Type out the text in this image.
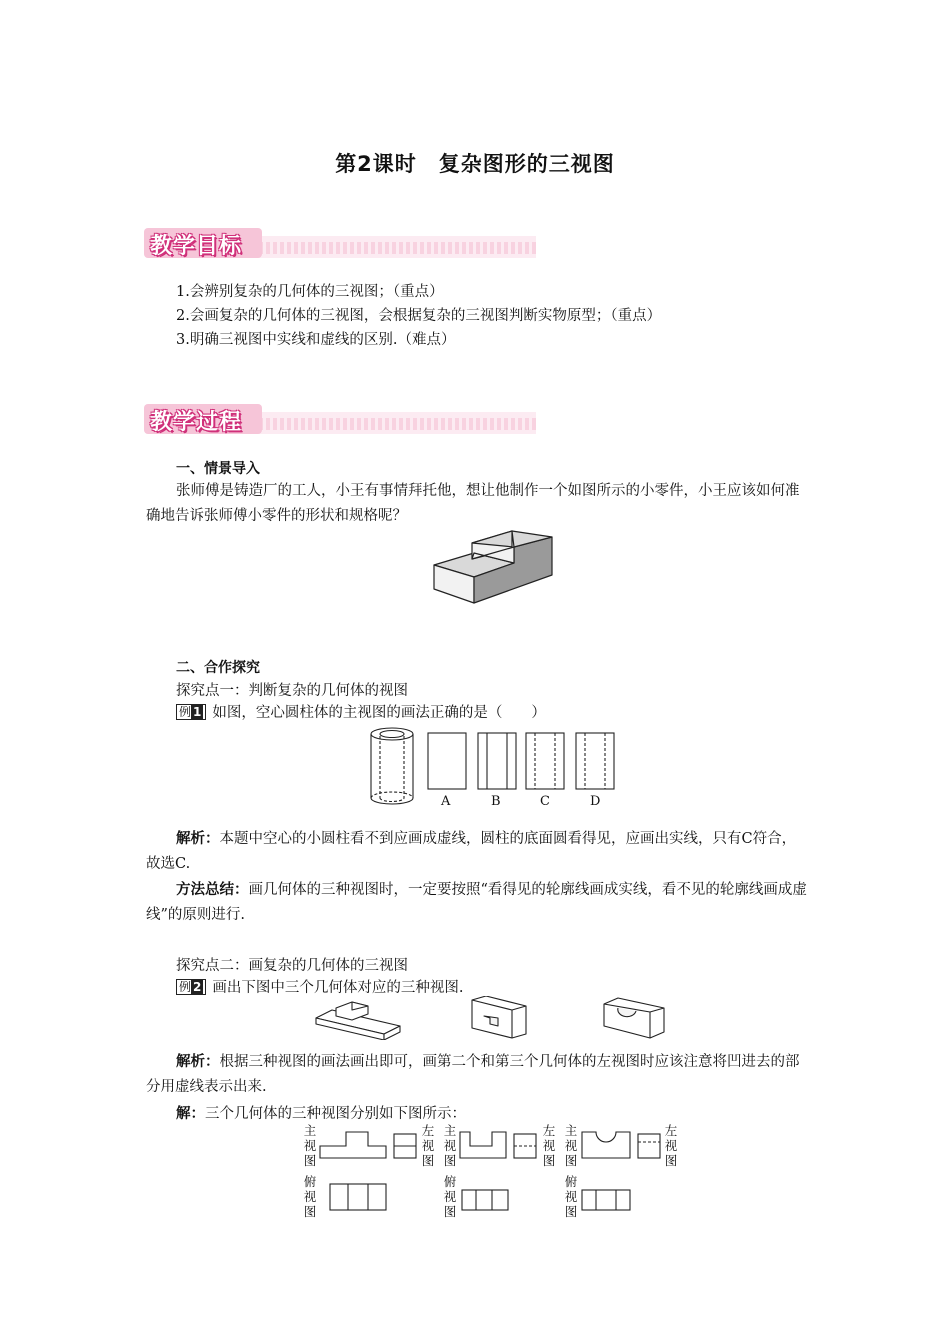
第2课时　复杂图形的三视图
教学目标
1.会辨别复杂的几何体的三视图；（重点）
2.会画复杂的几何体的三视图，会根据复杂的三视图判断实物原型；（重点）
3.明确三视图中实线和虚线的区别.（难点）
教学过程
一、情景导入
张师傅是铸造厂的工人，小王有事情拜托他，想让他制作一个如图所示的小零件，小王应该如何准确地告诉张师傅小零件的形状和规格呢？
二、合作探究
探究点一：判断复杂的几何体的视图
例 1 如图，空心圆柱体的主视图的画法正确的是（　　）
A	B	C	D
解析：本题中空心的小圆柱看不到应画成虚线，圆柱的底面圆看得见，应画出实线，只有C符合，故选C.
方法总结：画几何体的三种视图时，一定要按照“看得见的轮廓线画成实线，看不见的轮廓线画成虚线”的原则进行.
探究点二：画复杂的几何体的三视图
例 2 画出下图中三个几何体对应的三种视图.
解析：根据三种视图的画法画出即可，画第二个和第三个几何体的左视图时应该注意将凹进去的部分用虚线表示出来.
解：三个几何体的三种视图分别如下图所示：
主视图
左视图
俯视图
主视图
左视图
俯视图
主视图
左视图
俯视图
